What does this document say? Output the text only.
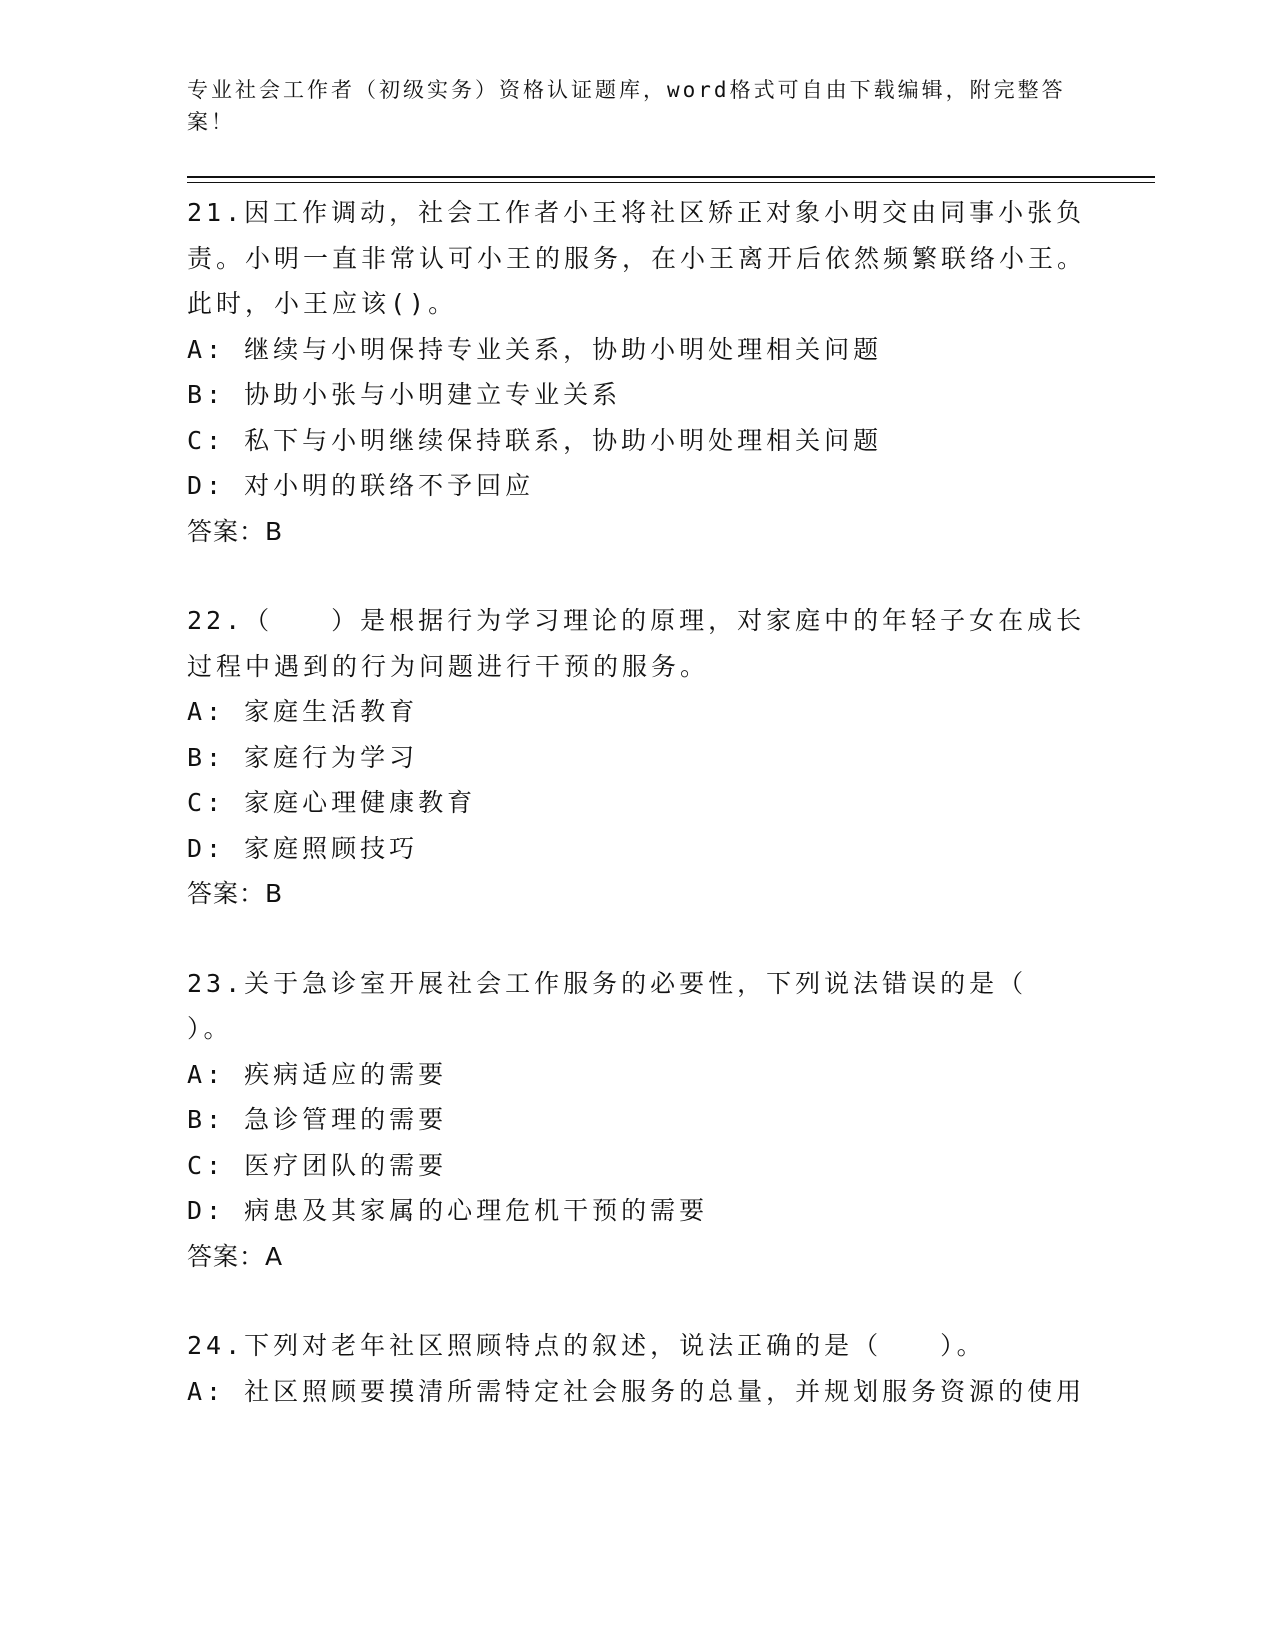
专业社会工作者（初级实务）资格认证题库，word格式可自由下载编辑，附完整答案！

21.因工作调动，社会工作者小王将社区矫正对象小明交由同事小张负责。小明一直非常认可小王的服务，在小王离开后依然频繁联络小王。此时，小王应该()。

A: 继续与小明保持专业关系，协助小明处理相关问题

B: 协助小张与小明建立专业关系

C: 私下与小明继续保持联系，协助小明处理相关问题

D: 对小明的联络不予回应

答案：B

22.（　　）是根据行为学习理论的原理，对家庭中的年轻子女在成长过程中遇到的行为问题进行干预的服务。

A: 家庭生活教育

B: 家庭行为学习

C: 家庭心理健康教育

D: 家庭照顾技巧

答案：B

23.关于急诊室开展社会工作服务的必要性，下列说法错误的是（ ）。

A: 疾病适应的需要

B: 急诊管理的需要

C: 医疗团队的需要

D: 病患及其家属的心理危机干预的需要

答案：A

24.下列对老年社区照顾特点的叙述，说法正确的是（　　）。

A: 社区照顾要摸清所需特定社会服务的总量，并规划服务资源的使用
